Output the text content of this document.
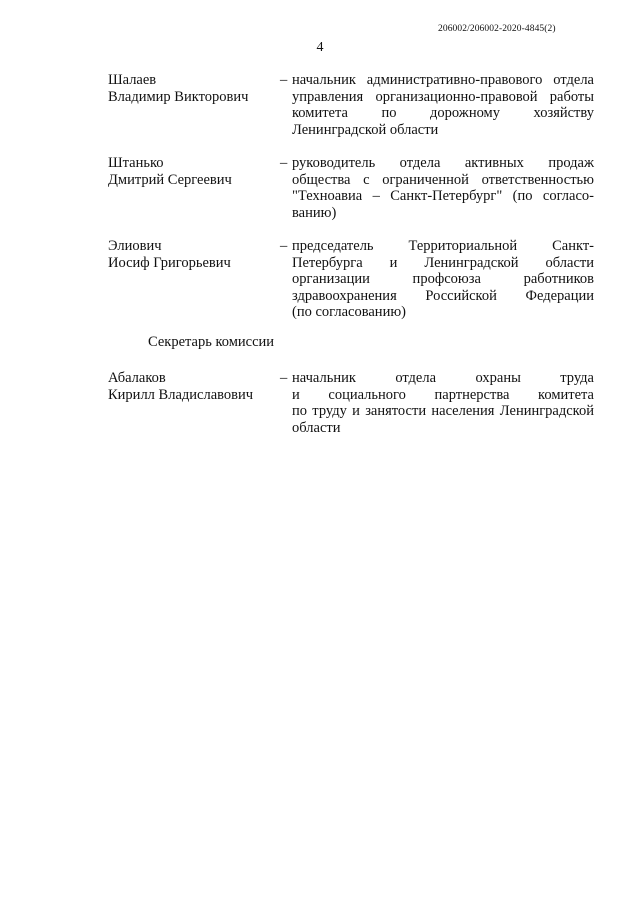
206002/206002-2020-4845(2)
4
Шалаев
Владимир Викторович
– начальник административно-правового отдела
управления организационно-правовой работы
комитета по дорожному хозяйству
Ленинградской области
Штанько
Дмитрий Сергеевич
– руководитель отдела активных продаж
общества с ограниченной ответственностью
"Техноавиа – Санкт-Петербург" (по согласо-
ванию)
Элиович
Иосиф Григорьевич
– председатель Территориальной Санкт-
Петербурга и Ленинградской области
организации профсоюза работников
здравоохранения Российской Федерации
(по согласованию)
Секретарь комиссии
Абалаков
Кирилл Владиславович
– начальник отдела охраны труда
и социального партнерства комитета
по труду и занятости населения Ленинградской
области
